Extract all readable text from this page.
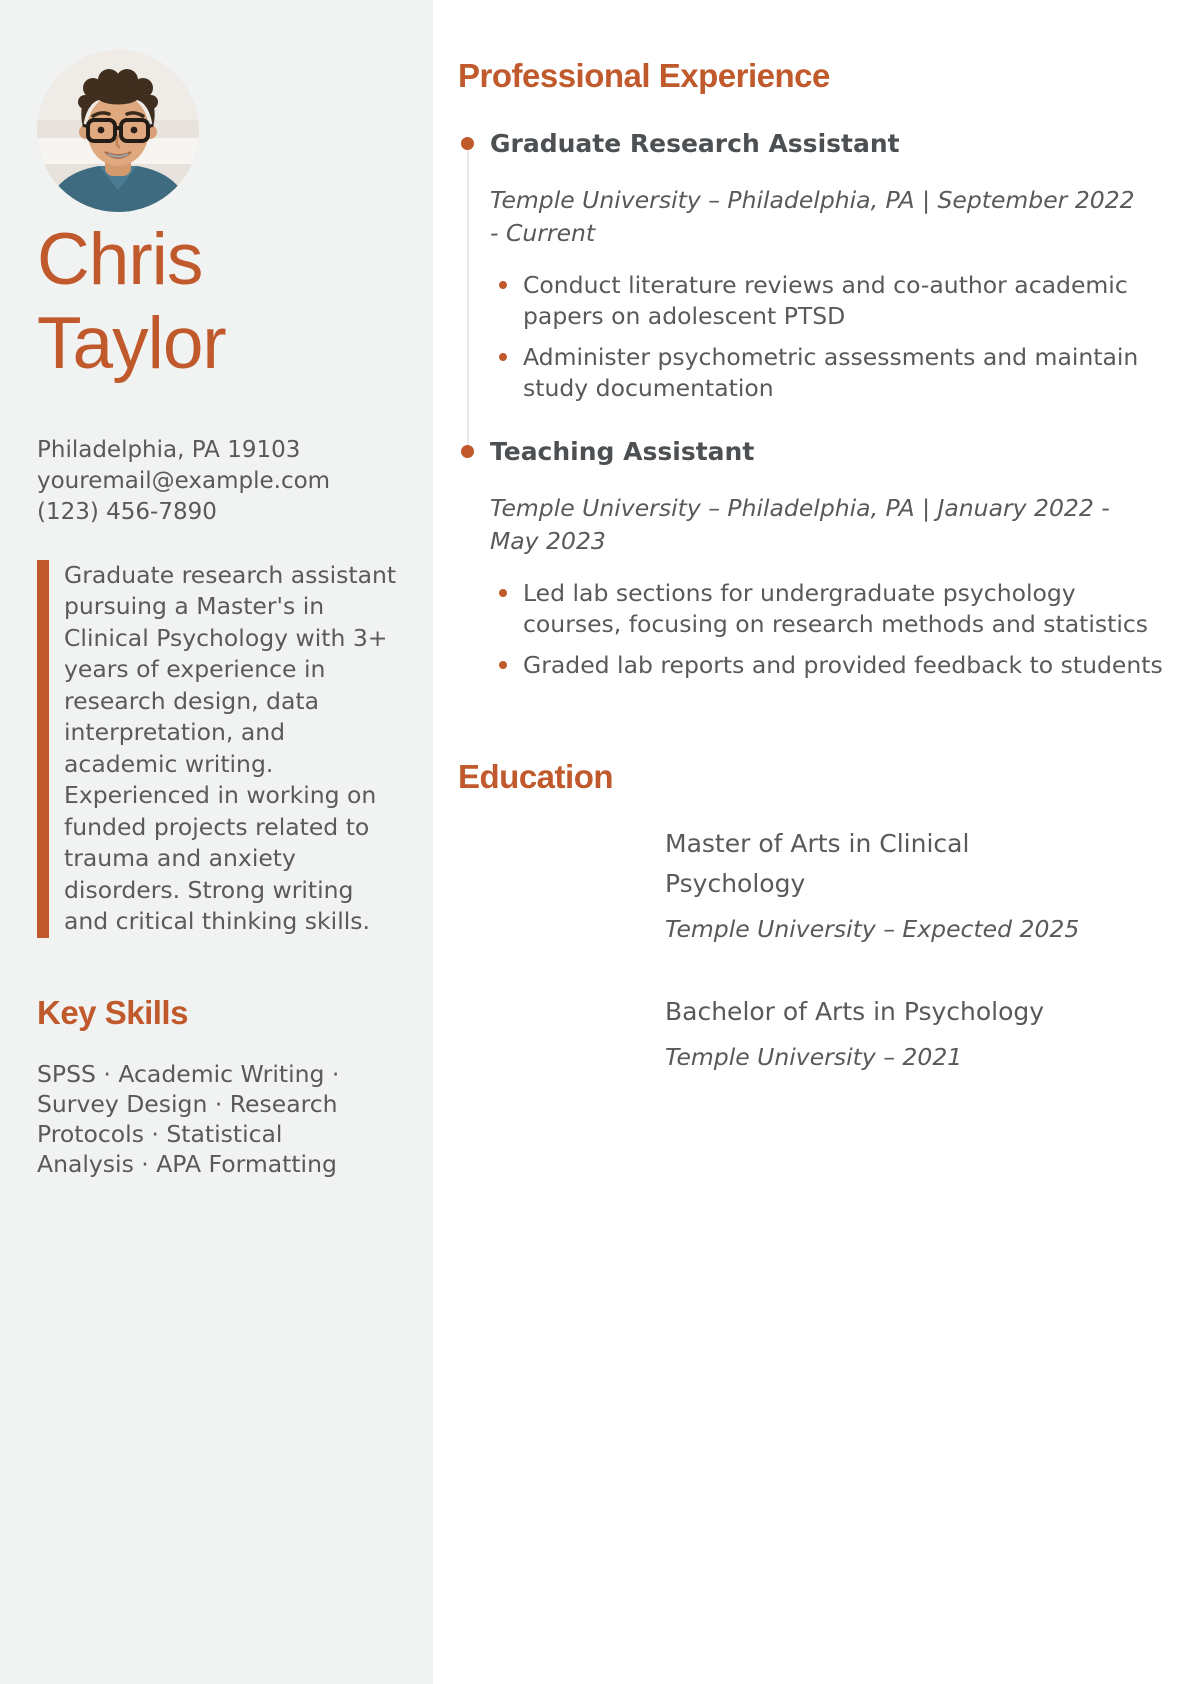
Chris
Taylor
Philadelphia, PA 19103
youremail@example.com
(123) 456-7890
Graduate research assistant pursuing a Master's in Clinical Psychology with 3+ years of experience in research design, data interpretation, and academic writing. Experienced in working on funded projects related to trauma and anxiety disorders. Strong writing and critical thinking skills.
Key Skills
SPSS · Academic Writing · Survey Design · Research Protocols · Statistical Analysis · APA Formatting
Professional Experience
Graduate Research Assistant
Temple University – Philadelphia, PA | September 2022 - Current
Conduct literature reviews and co-author academic papers on adolescent PTSD
Administer psychometric assessments and maintain study documentation
Teaching Assistant
Temple University – Philadelphia, PA | January 2022 - May 2023
Led lab sections for undergraduate psychology courses, focusing on research methods and statistics
Graded lab reports and provided feedback to students
Education
Master of Arts in Clinical Psychology
Temple University – Expected 2025
Bachelor of Arts in Psychology
Temple University – 2021
